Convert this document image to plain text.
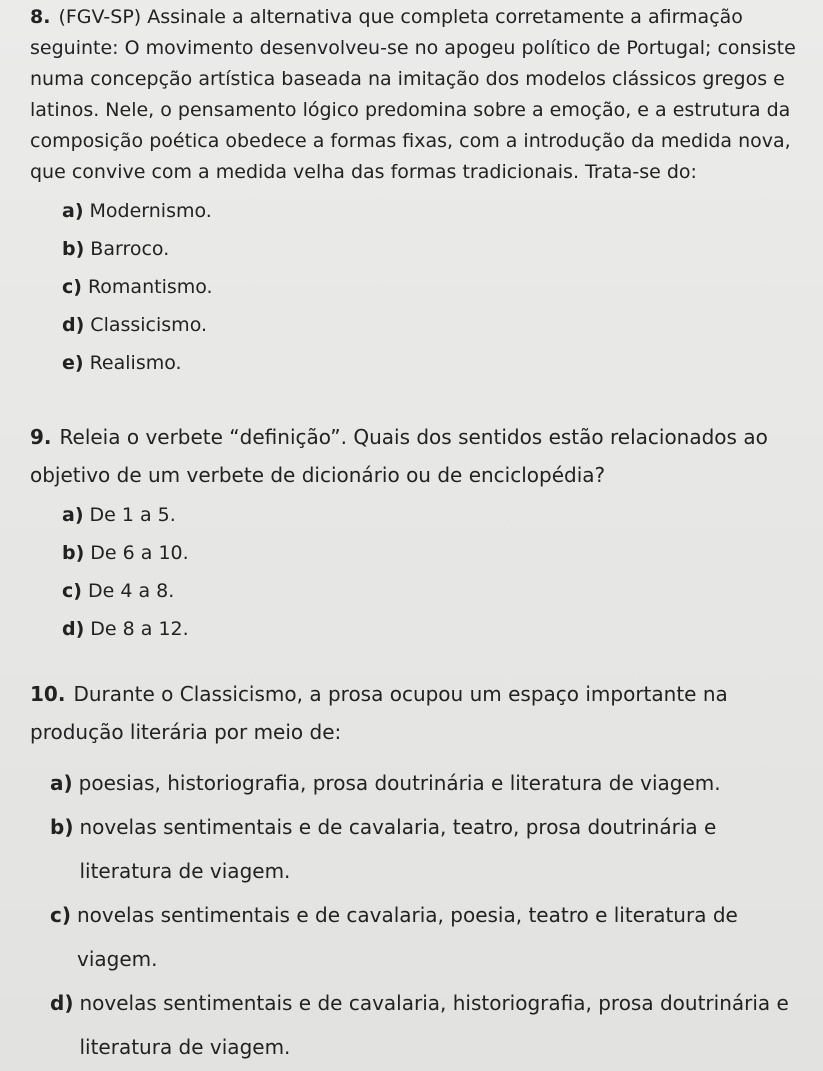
8. (FGV-SP) Assinale a alternativa que completa corretamente a afirmação seguinte: O movimento desenvolveu-se no apogeu político de Portugal; consiste numa concepção artística baseada na imitação dos modelos clássicos gregos e latinos. Nele, o pensamento lógico predomina sobre a emoção, e a estrutura da composição poética obedece a formas fixas, com a introdução da medida nova, que convive com a medida velha das formas tradicionais. Trata-se do:

a) Modernismo.
b) Barroco.
c) Romantismo.
d) Classicismo.
e) Realismo.

9. Releia o verbete “definição”. Quais dos sentidos estão relacionados ao objetivo de um verbete de dicionário ou de enciclopédia?

a) De 1 a 5.
b) De 6 a 10.
c) De 4 a 8.
d) De 8 a 12.

10. Durante o Classicismo, a prosa ocupou um espaço importante na produção literária por meio de:

a) poesias, historiografia, prosa doutrinária e literatura de viagem.
b) novelas sentimentais e de cavalaria, teatro, prosa doutrinária e literatura de viagem.
c) novelas sentimentais e de cavalaria, poesia, teatro e literatura de viagem.
d) novelas sentimentais e de cavalaria, historiografia, prosa doutrinária e literatura de viagem.
